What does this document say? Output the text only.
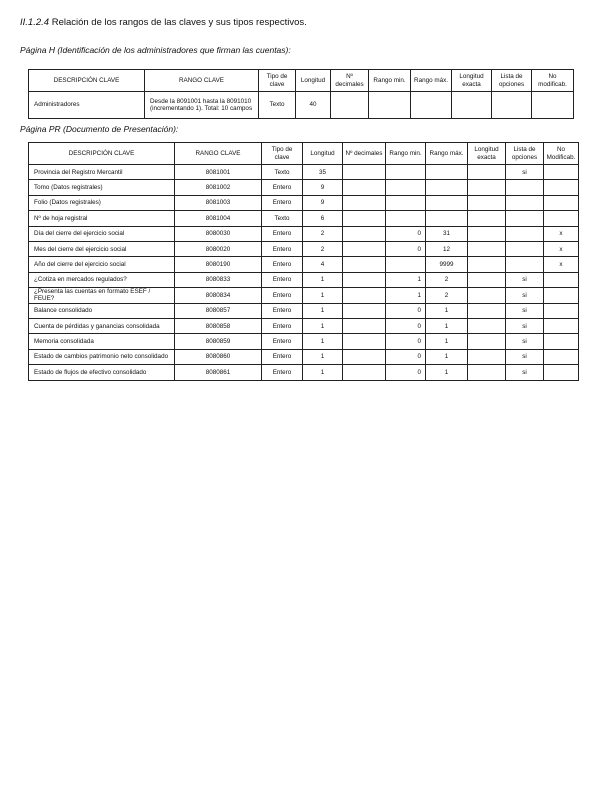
II.1.2.4 Relación de los rangos de las claves y sus tipos respectivos.
Página H (Identificación de los administradores que firman las cuentas):
DESCRIPCIÓN CLAVE	RANGO CLAVE	Tipo de clave	Longitud	Nº decimales	Rango min.	Rango máx.	Longitud exacta	Lista de opciones	No modificab.
Administradores	Desde la 8091001 hasta la 8091010 (incrementando 1). Total: 10 campos	Texto	40						
Página PR (Documento de Presentación):
DESCRIPCIÓN CLAVE	RANGO CLAVE	Tipo de clave	Longitud	Nº decimales	Rango min.	Rango máx.	Longitud exacta	Lista de opciones	No Modificab.
Provincia del Registro Mercantil	8081001	Texto	35					si	
Tomo (Datos registrales)	8081002	Entero	9						
Folio (Datos registrales)	8081003	Entero	9						
Nº de hoja registral	8081004	Texto	6						
Día del cierre del ejercicio social	8080030	Entero	2		0	31			x
Mes del cierre del ejercicio social	8080020	Entero	2		0	12			x
Año del cierre del ejercicio social	8080190	Entero	4			9999			x
¿Cotiza en mercados regulados?	8080833	Entero	1		1	2		si	
¿Presenta las cuentas en formato ESEF / FEUE?	8080834	Entero	1		1	2		si	
Balance consolidado	8080857	Entero	1		0	1		si	
Cuenta de pérdidas y ganancias consolidada	8080858	Entero	1		0	1		si	
Memoria consolidada	8080859	Entero	1		0	1		si	
Estado de cambios patrimonio neto consolidado	8080860	Entero	1		0	1		si	
Estado de flujos de efectivo consolidado	8080861	Entero	1		0	1		si	
